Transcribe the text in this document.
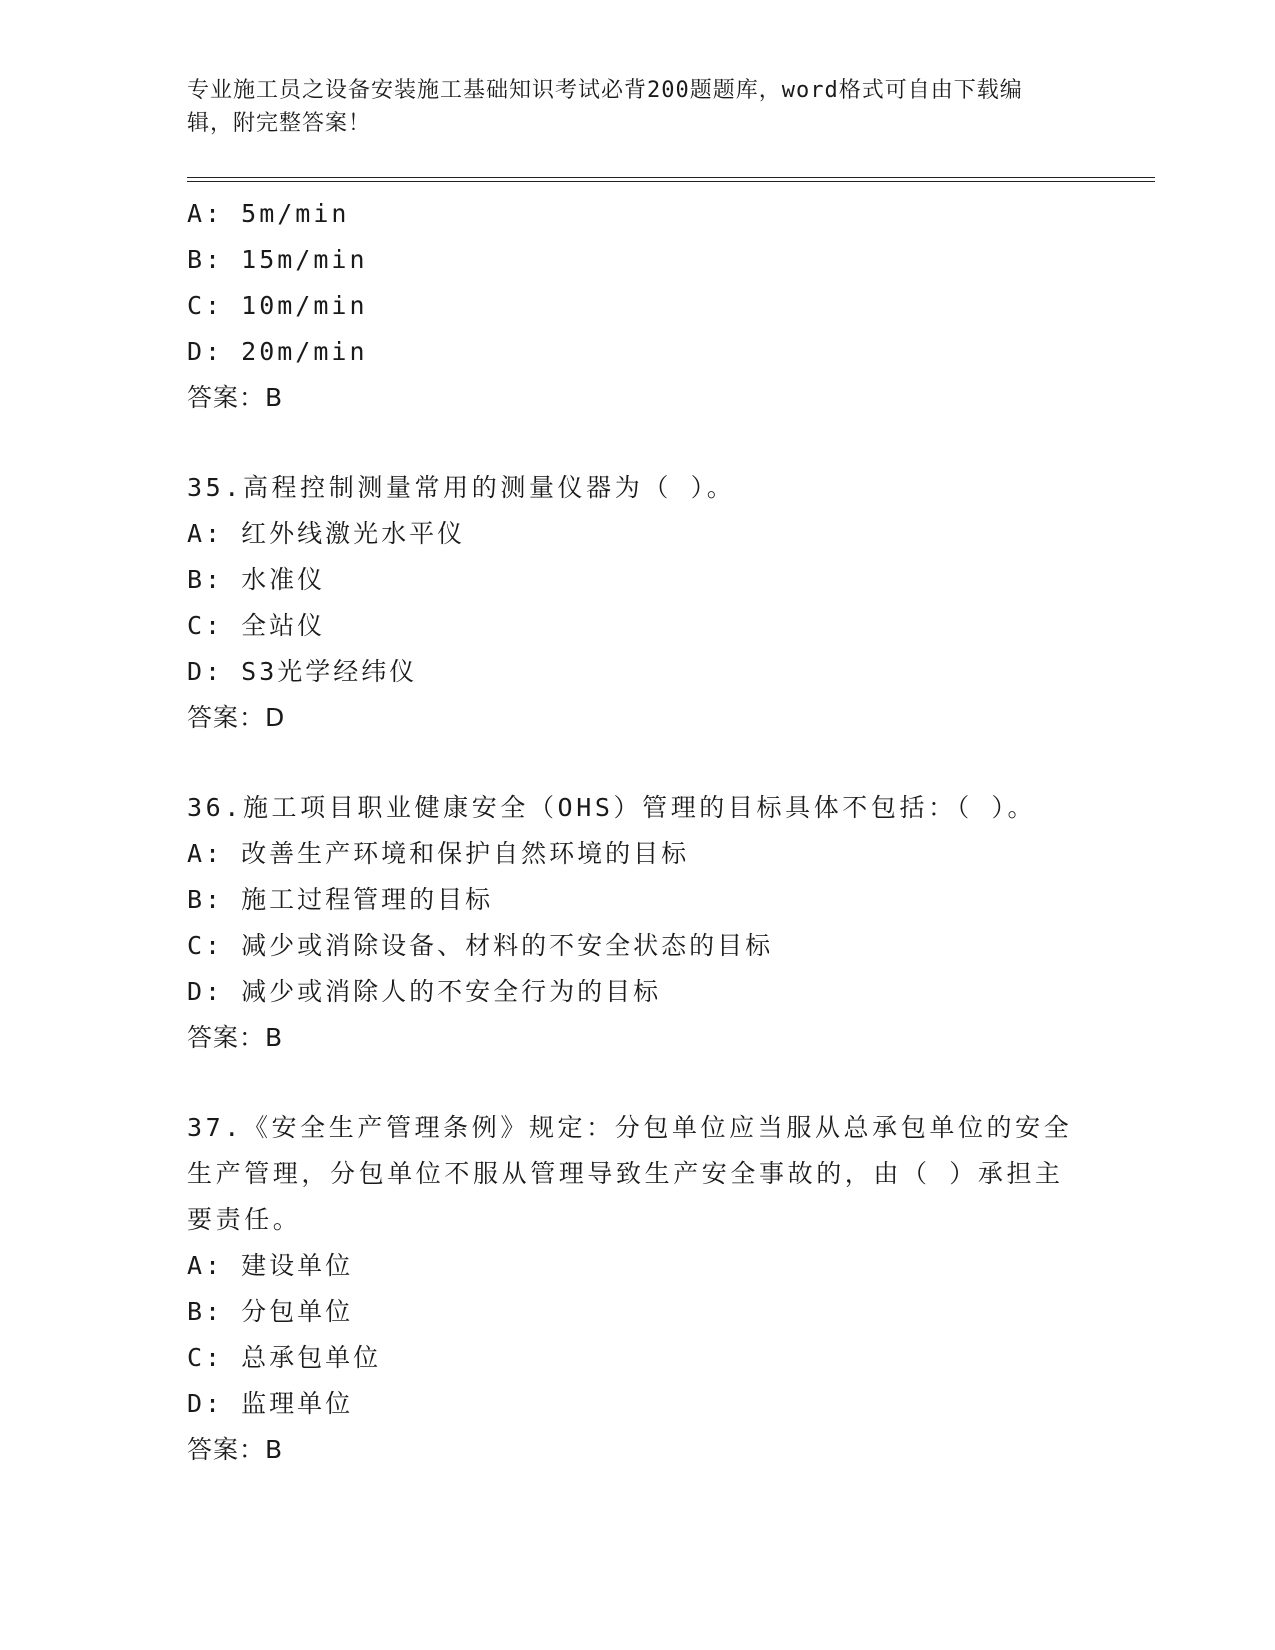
专业施工员之设备安装施工基础知识考试必背200题题库，word格式可自由下载编辑，附完整答案！
A: 5m/min
B: 15m/min
C: 10m/min
D: 20m/min
答案：B
35.高程控制测量常用的测量仪器为（ ）。
A: 红外线激光水平仪
B: 水准仪
C: 全站仪
D: S3光学经纬仪
答案：D
36.施工项目职业健康安全（OHS）管理的目标具体不包括：（ ）。
A: 改善生产环境和保护自然环境的目标
B: 施工过程管理的目标
C: 减少或消除设备、材料的不安全状态的目标
D: 减少或消除人的不安全行为的目标
答案：B
37.《安全生产管理条例》规定：分包单位应当服从总承包单位的安全生产管理，分包单位不服从管理导致生产安全事故的，由（ ）承担主要责任。
A: 建设单位
B: 分包单位
C: 总承包单位
D: 监理单位
答案：B
